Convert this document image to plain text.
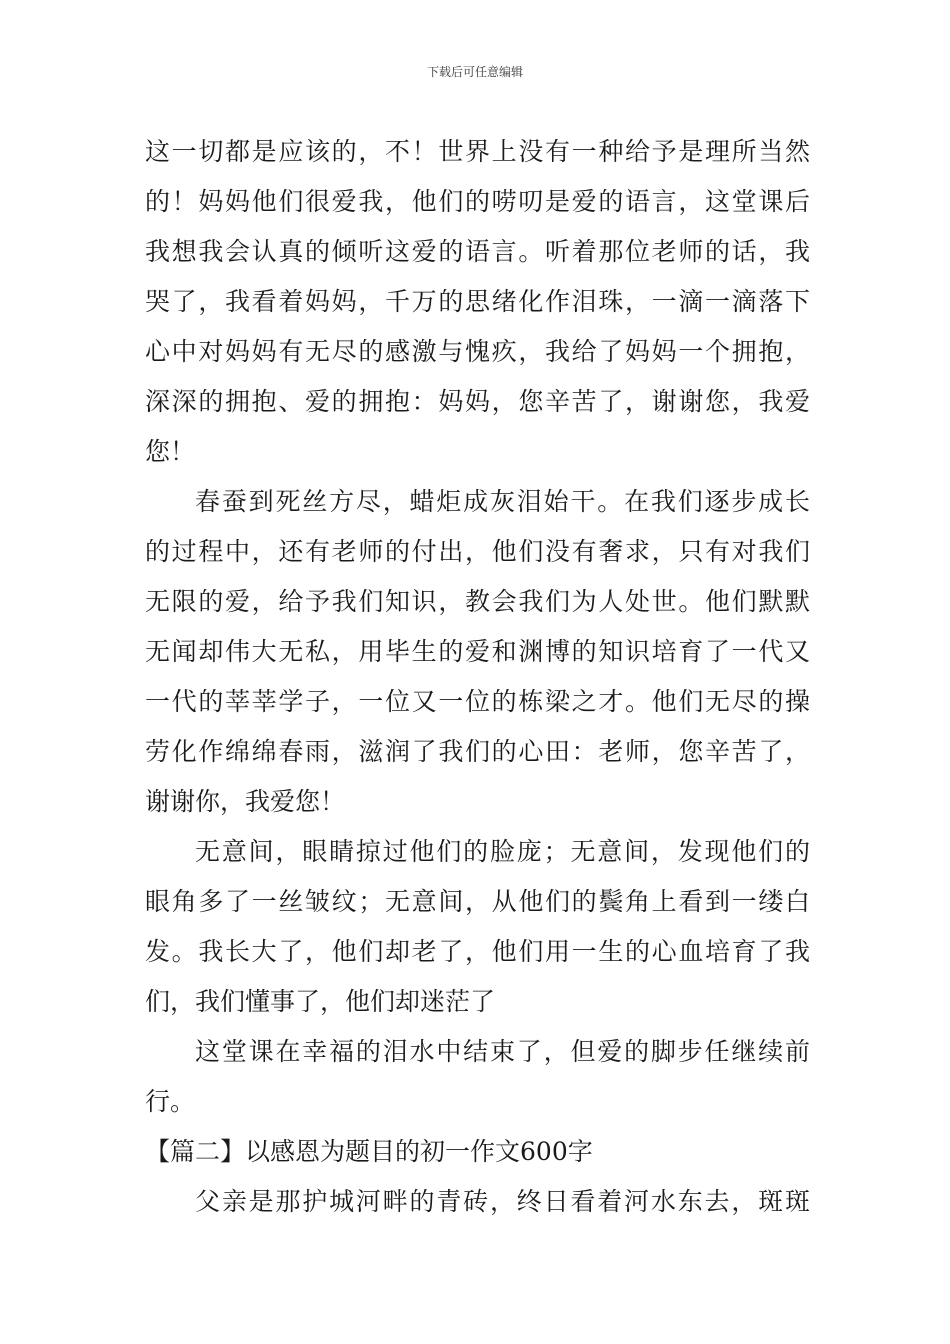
下载后可任意编辑
这一切都是应该的，不！世界上没有一种给予是理所当然
的！妈妈他们很爱我，他们的唠叨是爱的语言，这堂课后
我想我会认真的倾听这爱的语言。听着那位老师的话，我
哭了，我看着妈妈，千万的思绪化作泪珠，一滴一滴落下
心中对妈妈有无尽的感激与愧疚，我给了妈妈一个拥抱，
深深的拥抱、爱的拥抱：妈妈，您辛苦了，谢谢您，我爱
您！
春蚕到死丝方尽，蜡炬成灰泪始干。在我们逐步成长
的过程中，还有老师的付出，他们没有奢求，只有对我们
无限的爱，给予我们知识，教会我们为人处世。他们默默
无闻却伟大无私，用毕生的爱和渊博的知识培育了一代又
一代的莘莘学子，一位又一位的栋梁之才。他们无尽的操
劳化作绵绵春雨，滋润了我们的心田：老师，您辛苦了，
谢谢你，我爱您！
无意间，眼睛掠过他们的脸庞；无意间，发现他们的
眼角多了一丝皱纹；无意间，从他们的鬓角上看到一缕白
发。我长大了，他们却老了，他们用一生的心血培育了我
们，我们懂事了，他们却迷茫了
这堂课在幸福的泪水中结束了，但爱的脚步任继续前
行。
【篇二】以感恩为题目的初一作文600字
父亲是那护城河畔的青砖，终日看着河水东去，斑斑
